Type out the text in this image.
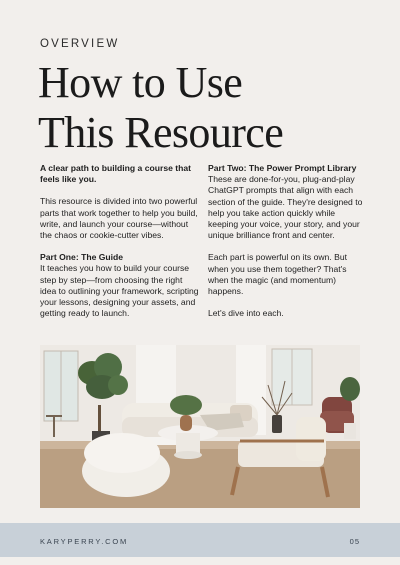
OVERVIEW
How to Use
This Resource

A clear path to building a course that feels like you.

This resource is divided into two powerful parts that work together to help you build, write, and launch your course—without the chaos or cookie-cutter vibes.

Part One: The Guide
It teaches you how to build your course step by step—from choosing the right idea to outlining your framework, scripting your lessons, designing your assets, and getting ready to launch.

Part Two: The Power Prompt Library
These are done-for-you, plug-and-play ChatGPT prompts that align with each section of the guide. They're designed to help you take action quickly while keeping your voice, your story, and your unique brilliance front and center.

Each part is powerful on its own. But when you use them together? That's when the magic (and momentum) happens.

Let's dive into each.

KARYPERRY.COM	05
